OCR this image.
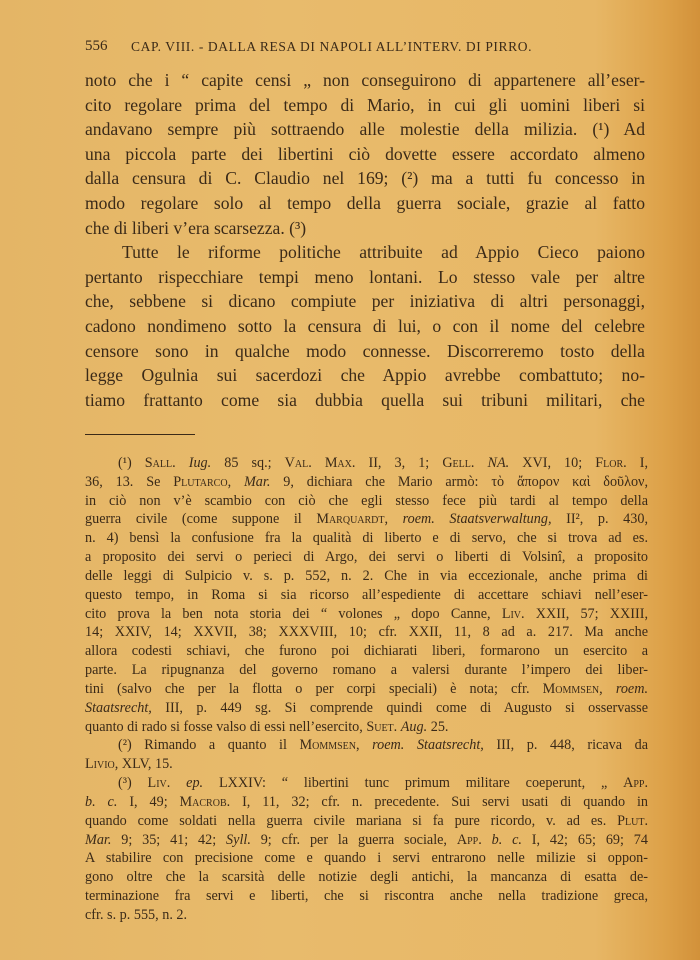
556 CAP. VIII. - DALLA RESA DI NAPOLI ALL’INTERV. DI PIRRO.
noto che i “ capite censi „ non conseguirono di appartenere all’eser-
cito regolare prima del tempo di Mario, in cui gli uomini liberi si
andavano sempre più sottraendo alle molestie della milizia. (¹) Ad
una piccola parte dei libertini ciò dovette essere accordato almeno
dalla censura di C. Claudio nel 169; (²) ma a tutti fu concesso in
modo regolare solo al tempo della guerra sociale, grazie al fatto
che di liberi v’era scarsezza. (³)
Tutte le riforme politiche attribuite ad Appio Cieco paiono
pertanto rispecchiare tempi meno lontani. Lo stesso vale per altre
che, sebbene si dicano compiute per iniziativa di altri personaggi,
cadono nondimeno sotto la censura di lui, o con il nome del celebre
censore sono in qualche modo connesse. Discorreremo tosto della
legge Ogulnia sui sacerdozi che Appio avrebbe combattuto; no-
tiamo frattanto come sia dubbia quella sui tribuni militari, che
(¹) Sall. Iug. 85 sq.; Val. Max. II, 3, 1; Gell. NA. XVI, 10; Flor. I,
36, 13. Se Plutarco, Mar. 9, dichiara che Mario armò: τὸ ἄπορον καὶ δοῦλον,
in ciò non v’è scambio con ciò che egli stesso fece più tardi al tempo della
guerra civile (come suppone il Marquardt, roem. Staatsverwaltung, II², p. 430,
n. 4) bensì la confusione fra la qualità di liberto e di servo, che si trova ad es.
a proposito dei servi o perieci di Argo, dei servi o liberti di Volsinî, a proposito
delle leggi di Sulpicio v. s. p. 552, n. 2. Che in via eccezionale, anche prima di
questo tempo, in Roma si sia ricorso all’espediente di accettare schiavi nell’eser-
cito prova la ben nota storia dei “ volones „ dopo Canne, Liv. XXII, 57; XXIII,
14; XXIV, 14; XXVII, 38; XXXVIII, 10; cfr. XXII, 11, 8 ad a. 217. Ma anche
allora codesti schiavi, che furono poi dichiarati liberi, formarono un esercito a
parte. La ripugnanza del governo romano a valersi durante l’impero dei liber-
tini (salvo che per la flotta o per corpi speciali) è nota; cfr. Mommsen, roem.
Staatsrecht, III, p. 449 sg. Si comprende quindi come di Augusto si osservasse
quanto di rado si fosse valso di essi nell’esercito, Suet. Aug. 25.
(²) Rimando a quanto il Mommsen, roem. Staatsrecht, III, p. 448, ricava da
Livio, XLV, 15.
(³) Liv. ep. LXXIV: “ libertini tunc primum militare coeperunt, „ App.
b. c. I, 49; Macrob. I, 11, 32; cfr. n. precedente. Sui servi usati di quando in
quando come soldati nella guerra civile mariana si fa pure ricordo, v. ad es. Plut.
Mar. 9; 35; 41; 42; Syll. 9; cfr. per la guerra sociale, App. b. c. I, 42; 65; 69; 74
A stabilire con precisione come e quando i servi entrarono nelle milizie si oppon-
gono oltre che la scarsità delle notizie degli antichi, la mancanza di esatta de-
terminazione fra servi e liberti, che si riscontra anche nella tradizione greca,
cfr. s. p. 555, n. 2.
